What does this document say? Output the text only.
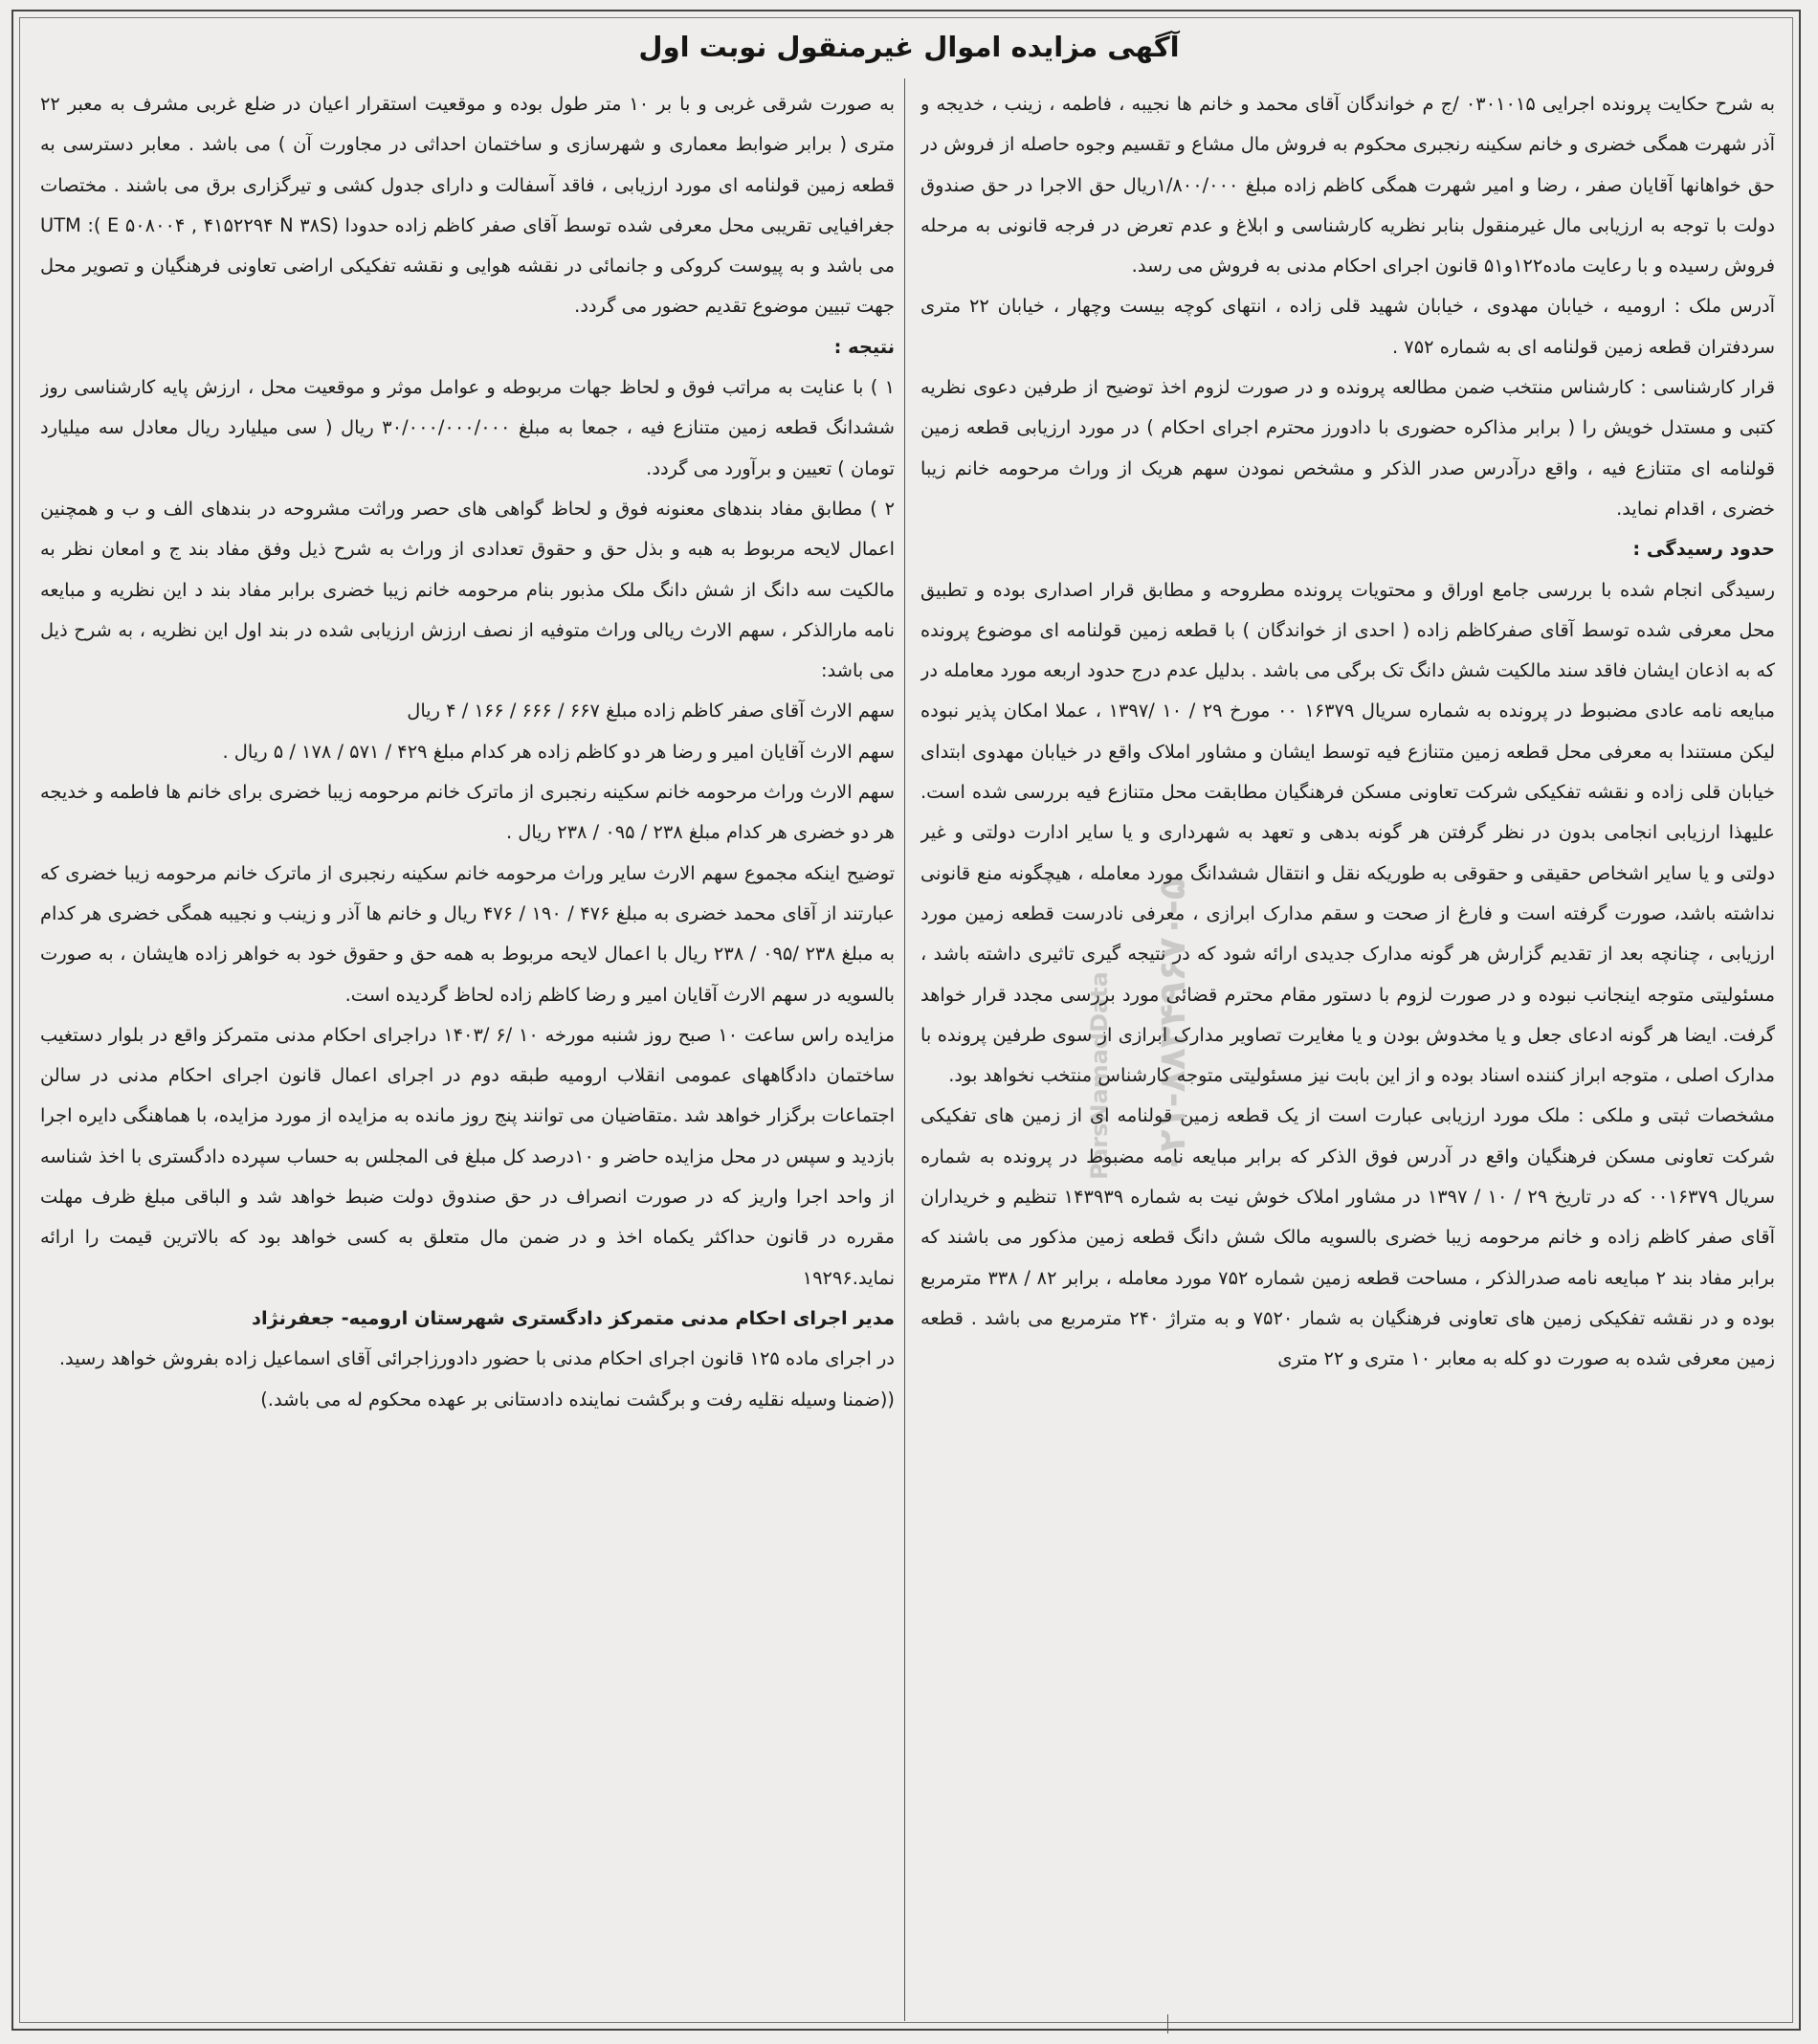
آگهی مزایده اموال غیرمنقول نوبت اول

به شرح حکایت پرونده اجرایی ۰۳۰۱۰۱۵ /ج م خواندگان آقای محمد و خانم ها نجیبه ، فاطمه ، زینب ، خدیجه و آذر شهرت همگی خضری و خانم سکینه رنجبری محکوم به فروش مال مشاع و تقسیم وجوه حاصله از فروش در حق خواهانها آقایان صفر ، رضا و امیر شهرت همگی کاظم زاده مبلغ ۱/۸۰۰/۰۰۰ریال حق الاجرا در حق صندوق دولت با توجه به ارزیابی مال غیرمنقول بنابر نظریه کارشناسی و ابلاغ و عدم تعرض در فرجه قانونی به مرحله فروش رسیده و با رعایت ماده۱۲۲و۵۱ قانون اجرای احکام مدنی به فروش می رسد.

آدرس ملک : ارومیه ، خیابان مهدوی ، خیابان شهید قلی زاده ، انتهای کوچه بیست وچهار ، خیابان ۲۲ متری سردفتران قطعه زمین قولنامه ای به شماره ۷۵۲ .

قرار کارشناسی : کارشناس منتخب ضمن مطالعه پرونده و در صورت لزوم اخذ توضیح از طرفین دعوی نظریه کتبی و مستدل خویش را ( برابر مذاکره حضوری با دادورز محترم اجرای احکام ) در مورد ارزیابی قطعه زمین قولنامه ای متنازع فیه ، واقع درآدرس صدر الذکر و مشخص نمودن سهم هریک از وراث مرحومه خانم زیبا خضری ، اقدام نماید.

حدود رسیدگی :

رسیدگی انجام شده با بررسی جامع اوراق و محتویات پرونده مطروحه و مطابق قرار اصداری بوده و تطبیق محل معرفی شده توسط آقای صفرکاظم زاده ( احدی از خواندگان ) با قطعه زمین قولنامه ای موضوع پرونده که به اذعان ایشان فاقد سند مالکیت شش دانگ تک برگی می باشد . بدلیل عدم درج حدود اربعه مورد معامله در مبایعه نامه عادی مضبوط در پرونده به شماره سریال ۱۶۳۷۹ ۰۰ مورخ ۲۹ / ۱۰ /۱۳۹۷ ، عملا امکان پذیر نبوده لیکن مستندا به معرفی محل قطعه زمین متنازع فیه توسط ایشان و مشاور املاک واقع در خیابان مهدوی ابتدای خیابان قلی زاده و نقشه تفکیکی شرکت تعاونی مسکن فرهنگیان مطابقت محل متنازع فیه بررسی شده است. علیهذا ارزیابی انجامی بدون در نظر گرفتن هر گونه بدهی و تعهد به شهرداری و یا سایر ادارت دولتی و غیر دولتی و یا سایر اشخاص حقیقی و حقوقی به طوریکه نقل و انتقال ششدانگ مورد معامله ، هیچگونه منع قانونی نداشته باشد، صورت گرفته است و فارغ از صحت و سقم مدارک ابرازی ، معرفی نادرست قطعه زمین مورد ارزیابی ، چنانچه بعد از تقدیم گزارش هر گونه مدارک جدیدی ارائه شود که در نتیجه گیری تاثیری داشته باشد ، مسئولیتی متوجه اینجانب نبوده و در صورت لزوم با دستور مقام محترم قضائی مورد بررسی مجدد قرار خواهد گرفت. ایضا هر گونه ادعای جعل و یا مخدوش بودن و یا مغایرت تصاویر مدارک ابرازی از سوی طرفین پرونده با مدارک اصلی ، متوجه ابراز کننده اسناد بوده و از این بابت نیز مسئولیتی متوجه کارشناس منتخب نخواهد بود.

مشخصات ثبتی و ملکی : ملک مورد ارزیابی عبارت است از یک قطعه زمین قولنامه ای از زمین های تفکیکی شرکت تعاونی مسکن فرهنگیان واقع در آدرس فوق الذکر که برابر مبایعه نامه مضبوط در پرونده به شماره سریال ۰۰۱۶۳۷۹ که در تاریخ ۲۹ / ۱۰ / ۱۳۹۷ در مشاور املاک خوش نیت به شماره ۱۴۳۹۳۹ تنظیم و خریداران آقای صفر کاظم زاده و خانم مرحومه زیبا خضری بالسویه مالک شش دانگ قطعه زمین مذکور می باشند که برابر مفاد بند ۲ مبایعه نامه صدرالذکر ، مساحت قطعه زمین شماره ۷۵۲ مورد معامله ، برابر ۸۲ / ۳۳۸ مترمربع بوده و در نقشه تفکیکی زمین های تعاونی فرهنگیان به شمار ۷۵۲۰ و به متراژ ۲۴۰ مترمربع می باشد . قطعه زمین معرفی شده به صورت دو کله به معابر ۱۰ متری و ۲۲ متری

به صورت شرقی غربی و با بر ۱۰ متر طول بوده و موقعیت استقرار اعیان در ضلع غربی مشرف به معبر ۲۲ متری ( برابر ضوابط معماری و شهرسازی و ساختمان احداثی در مجاورت آن ) می باشد . معابر دسترسی به قطعه زمین قولنامه ای مورد ارزیابی ، فاقد آسفالت و دارای جدول کشی و تیرگزاری برق می باشند . مختصات جغرافیایی تقریبی محل معرفی شده توسط آقای صفر کاظم زاده حدودا (E ۵۰۸۰۰۴ , ۴۱۵۲۲۹۴ N ۳۸S ): UTM می باشد و به پیوست کروکی و جانمائی در نقشه هوایی و نقشه تفکیکی اراضی تعاونی فرهنگیان و تصویر محل جهت تبیین موضوع تقدیم حضور می گردد.

نتیجه :

۱ ) با عنایت به مراتب فوق و لحاظ جهات مربوطه و عوامل موثر و موقعیت محل ، ارزش پایه کارشناسی روز ششدانگ قطعه زمین متنازع فیه ، جمعا به مبلغ ۳۰/۰۰۰/۰۰۰/۰۰۰ ریال ( سی میلیارد ریال معادل سه میلیارد تومان ) تعیین و برآورد می گردد.

۲ ) مطابق مفاد بندهای معنونه فوق و لحاظ گواهی های حصر وراثت مشروحه در بندهای الف و ب و همچنین اعمال لایحه مربوط به هبه و بذل حق و حقوق تعدادی از وراث به شرح ذیل وفق مفاد بند ج و امعان نظر به مالکیت سه دانگ از شش دانگ ملک مذبور بنام مرحومه خانم زیبا خضری برابر مفاد بند د این نظریه و مبایعه نامه مارالذکر ، سهم الارث ریالی وراث متوفیه از نصف ارزش ارزیابی شده در بند اول این نظریه ، به شرح ذیل می باشد:

سهم الارث آقای صفر کاظم زاده مبلغ ۶۶۷ / ۶۶۶ / ۱۶۶ / ۴ ریال

سهم الارث آقایان امیر و رضا هر دو کاظم زاده هر کدام مبلغ ۴۲۹ / ۵۷۱ / ۱۷۸ / ۵ ریال .

سهم الارث وراث مرحومه خانم سکینه رنجبری از ماترک خانم مرحومه زیبا خضری برای خانم ها فاطمه و خدیجه هر دو خضری هر کدام مبلغ ۲۳۸ / ۰۹۵ / ۲۳۸ ریال .

توضیح اینکه مجموع سهم الارث سایر وراث مرحومه خانم سکینه رنجبری از ماترک خانم مرحومه زیبا خضری که عبارتند از آقای محمد خضری به مبلغ ۴۷۶ / ۱۹۰ / ۴۷۶ ریال و خانم ها آذر و زینب و نجیبه همگی خضری هر کدام به مبلغ ۲۳۸ /۰۹۵ / ۲۳۸ ریال با اعمال لایحه مربوط به همه حق و حقوق خود به خواهر زاده هایشان ، به صورت بالسویه در سهم الارث آقایان امیر و رضا کاظم زاده لحاظ گردیده است.

مزایده راس ساعت ۱۰ صبح روز شنبه مورخه ۱۰ /۶ /۱۴۰۳ دراجرای احکام مدنی متمرکز واقع در بلوار دستغیب ساختمان دادگاههای عمومی انقلاب ارومیه طبقه دوم در اجرای اعمال قانون اجرای احکام مدنی در سالن اجتماعات برگزار خواهد شد .متقاضیان می توانند پنج روز مانده به مزایده از مورد مزایده، با هماهنگی دایره اجرا بازدید و سپس در محل مزایده حاضر و ۱۰درصد کل مبلغ فی المجلس به حساب سپرده دادگستری با اخذ شناسه از واحد اجرا واریز که در صورت انصراف در حق صندوق دولت ضبط خواهد شد و الباقی مبلغ ظرف مهلت مقرره در قانون حداکثر یکماه اخذ و در ضمن مال متعلق به کسی خواهد بود که بالاترین قیمت را ارائه نماید.۱۹۲۹۶

مدیر اجرای احکام مدنی متمرکز دادگستری شهرستان ارومیه- جعفرنژاد

در اجرای ماده ۱۲۵ قانون اجرای احکام مدنی با حضور دادورزاجرائی آقای اسماعیل زاده بفروش خواهد رسید.

((ضمنا وسیله نقلیه رفت و برگشت نماینده دادستانی بر عهده محکوم له می باشد.)
